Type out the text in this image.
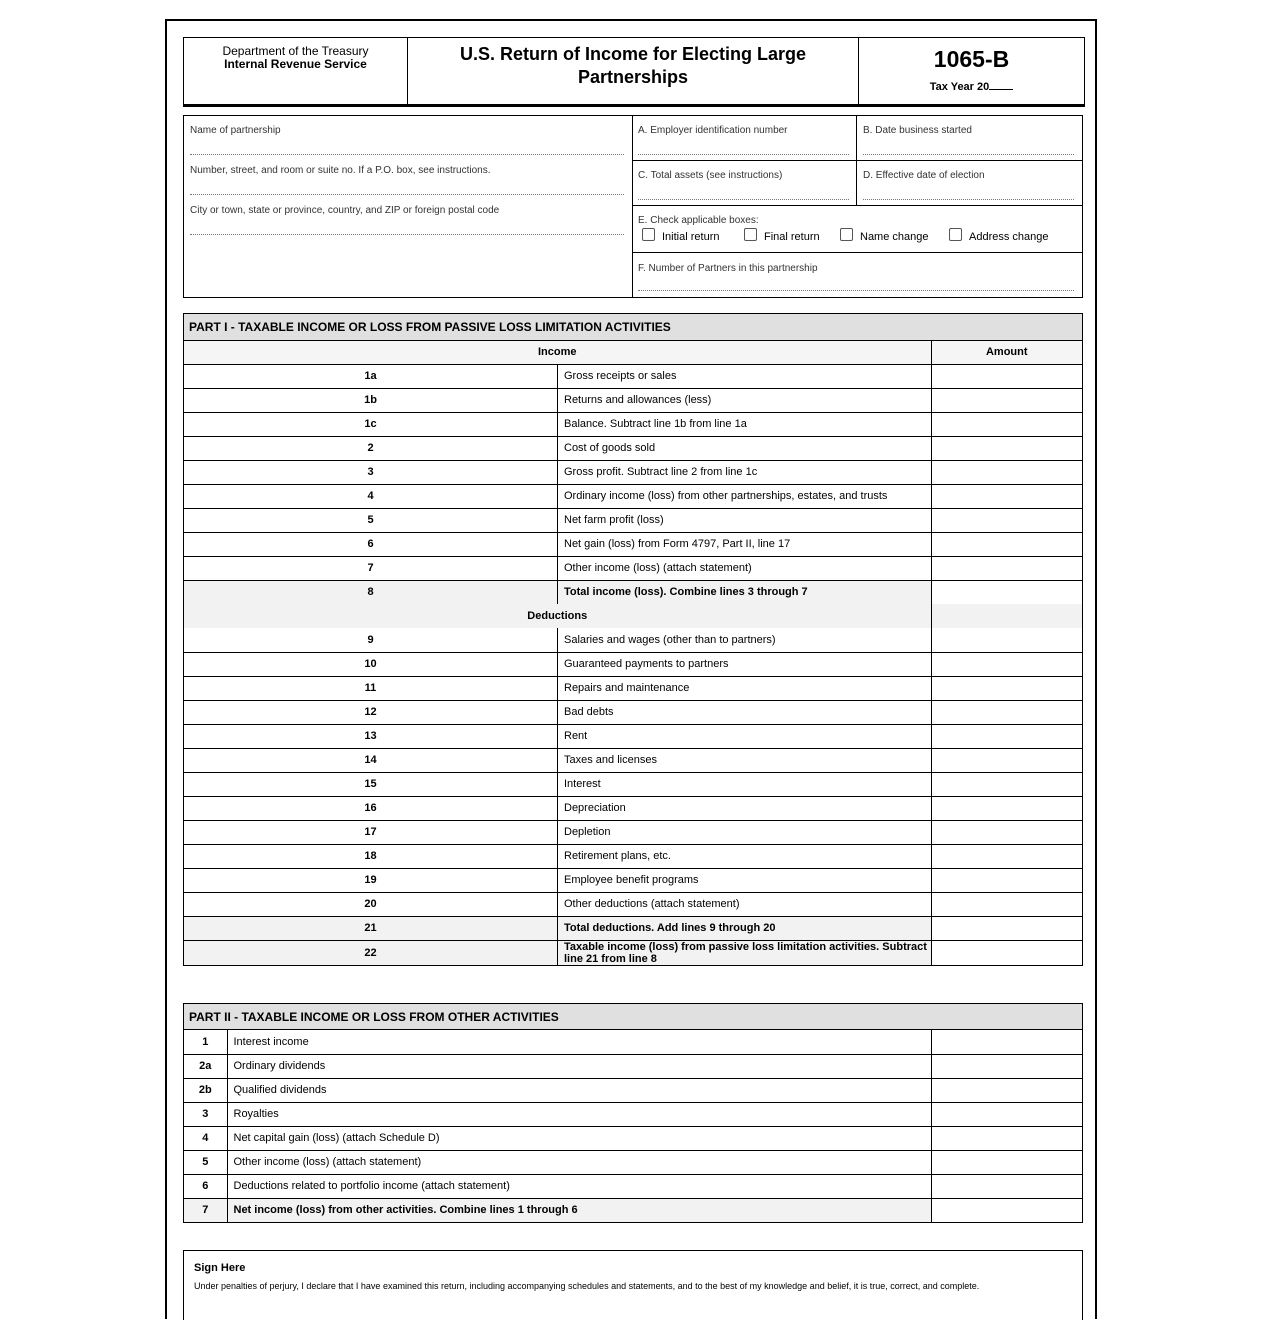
Department of the Treasury
Internal Revenue Service	U.S. Return of Income for Electing Large
Partnerships
1065-B
Tax Year 20
Name of partnership
Number, street, and room or suite no. If a P.O. box, see instructions.
City or town, state or province, country, and ZIP or foreign postal code
A. Employer identification number	B. Date business started
C. Total assets (see instructions)	D. Effective date of election
E. Check applicable boxes:
Initial return	Final return	Name change	Address change
F. Number of Partners in this partnership
PART I - TAXABLE INCOME OR LOSS FROM PASSIVE LOSS LIMITATION ACTIVITIES
Income		Amount
1a	Gross receipts or sales	
1b	Returns and allowances (less)	
1c	Balance. Subtract line 1b from line 1a	
2	Cost of goods sold	
3	Gross profit. Subtract line 2 from line 1c	
4	Ordinary income (loss) from other partnerships, estates, and trusts	
5	Net farm profit (loss)	
6	Net gain (loss) from Form 4797, Part II, line 17	
7	Other income (loss) (attach statement)	
8	Total income (loss). Combine lines 3 through 7	
Deductions		
9	Salaries and wages (other than to partners)	
10	Guaranteed payments to partners	
11	Repairs and maintenance	
12	Bad debts	
13	Rent	
14	Taxes and licenses	
15	Interest	
16	Depreciation	
17	Depletion	
18	Retirement plans, etc.	
19	Employee benefit programs	
20	Other deductions (attach statement)	
21	Total deductions. Add lines 9 through 20	
22	Taxable income (loss) from passive loss limitation activities. Subtract line 21 from line 8	
PART II - TAXABLE INCOME OR LOSS FROM OTHER ACTIVITIES
1	Interest income	
2a	Ordinary dividends	
2b	Qualified dividends	
3	Royalties	
4	Net capital gain (loss) (attach Schedule D)	
5	Other income (loss) (attach statement)	
6	Deductions related to portfolio income (attach statement)	
7	Net income (loss) from other activities. Combine lines 1 through 6	
Sign Here
Under penalties of perjury, I declare that I have examined this return, including accompanying schedules and statements, and to the best of my knowledge and belief, it is true, correct, and complete.
